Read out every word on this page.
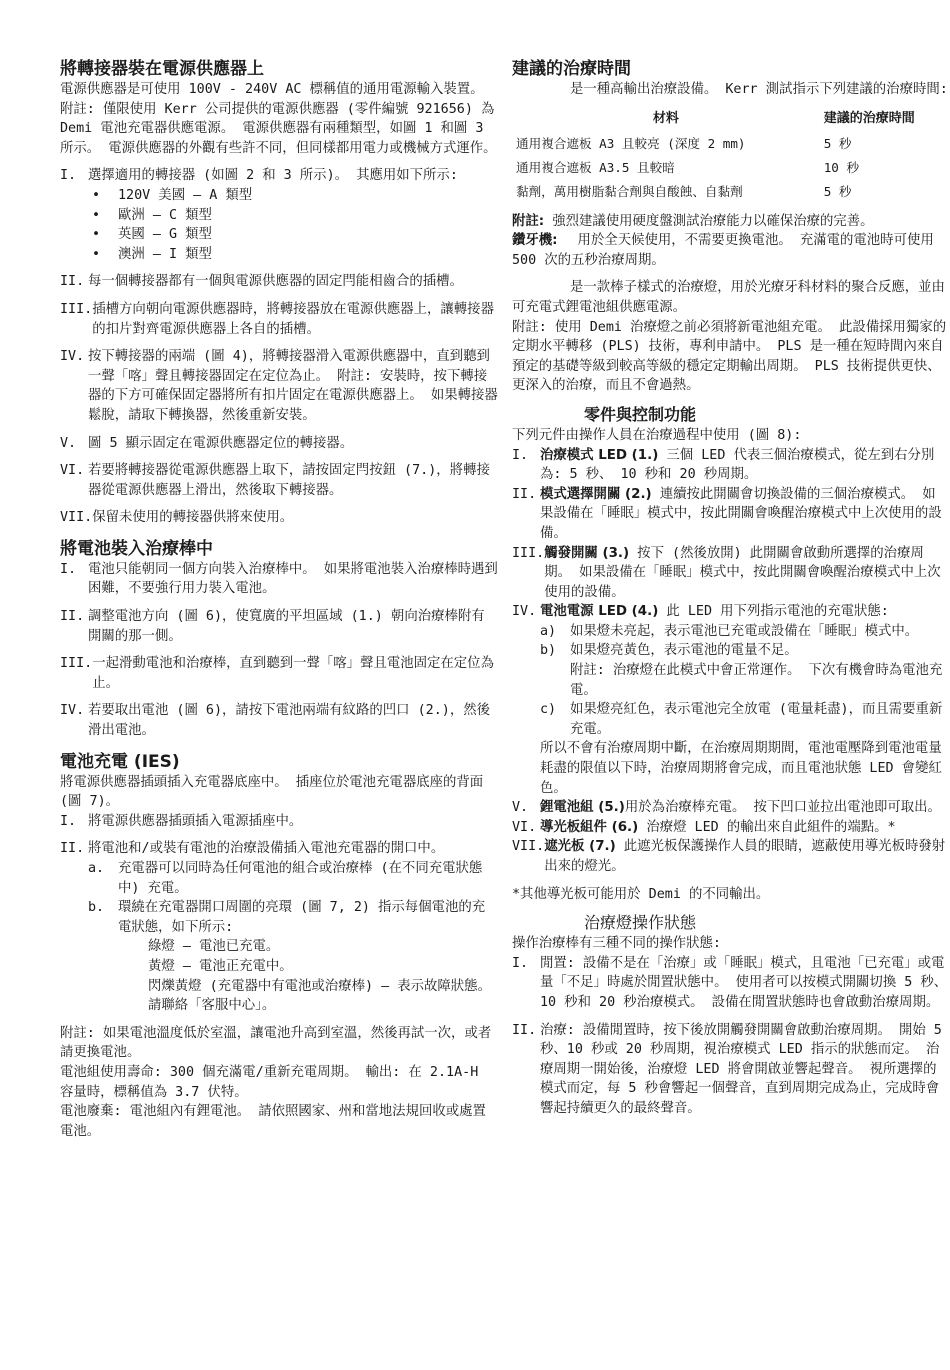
將轉接器裝在電源供應器上

電源供應器是可使用 100V - 240V AC 標稱值的通用電源輸入裝置。 附註: 僅限使用 Kerr 公司提供的電源供應器 (零件編號 921656) 為 Demi 電池充電器供應電源。 電源供應器有兩種類型，如圖 1 和圖 3 所示。 電源供應器的外觀有些許不同，但同樣都用電力或機械方式運作。

I. 選擇適用的轉接器 (如圖 2 和 3 所示)。 其應用如下所示:
•	120V 美國 — A 類型
•	歐洲 — C 類型
•	英國 — G 類型
•	澳洲 — I 類型
II. 每一個轉接器都有一個與電源供應器的固定閂能相齒合的插槽。
III. 插槽方向朝向電源供應器時，將轉接器放在電源供應器上，讓轉接器的扣片對齊電源供應器上各自的插槽。
IV. 按下轉接器的兩端 (圖 4)，將轉接器滑入電源供應器中，直到聽到一聲「喀」聲且轉接器固定在定位為止。 附註: 安裝時，按下轉接器的下方可確保固定器將所有扣片固定在電源供應器上。 如果轉接器鬆脫，請取下轉換器，然後重新安裝。
V. 圖 5 顯示固定在電源供應器定位的轉接器。
VI. 若要將轉接器從電源供應器上取下，請按固定閂按鈕 (7.)，將轉接器從電源供應器上滑出，然後取下轉接器。
VII. 保留未使用的轉接器供將來使用。

將電池裝入治療棒中

I. 電池只能朝同一個方向裝入治療棒中。 如果將電池裝入治療棒時遇到困難，不要強行用力裝入電池。
II. 調整電池方向 (圖 6)，使寬廣的平坦區域 (1.) 朝向治療棒附有開關的那一側。
III. 一起滑動電池和治療棒，直到聽到一聲「喀」聲且電池固定在定位為止。
IV. 若要取出電池 (圖 6)，請按下電池兩端有紋路的凹口 (2.)，然後滑出電池。

電池充電 (IES)

將電源供應器插頭插入充電器底座中。 插座位於電池充電器底座的背面 (圖 7)。

I. 將電源供應器插頭插入電源插座中。
II. 將電池和/或裝有電池的治療設備插入電池充電器的開口中。
a.	充電器可以同時為任何電池的組合或治療棒 (在不同充電狀態中) 充電。
b.	環繞在充電器開口周圍的亮環 (圖 7, 2) 指示每個電池的充電狀態，如下所示:
綠燈 — 電池已充電。
黃燈 — 電池正充電中。
閃爍黃燈 (充電器中有電池或治療棒) — 表示故障狀態。 請聯絡「客服中心」。

附註: 如果電池溫度低於室溫，讓電池升高到室溫，然後再試一次，或者請更換電池。

電池組使用壽命: 300 個充滿電/重新充電周期。 輸出: 在 2.1A-H 容量時，標稱值為 3.7 伏特。

電池廢棄: 電池組內有鋰電池。 請依照國家、州和當地法規回收或處置電池。

建議的治療時間

是一種高輸出治療設備。 Kerr 測試指示下列建議的治療時間:

材料	建議的治療時間
通用複合遮板 A3 且較亮 (深度 2 mm)	5 秒
通用複合遮板 A3.5 且較暗	10 秒
黏劑，萬用樹脂黏合劑與自酸蝕、自黏劑	5 秒

附註: 強烈建議使用硬度盤測試治療能力以確保治療的完善。

鑽牙機: 用於全天候使用，不需要更換電池。 充滿電的電池時可使用 500 次的五秒治療周期。

是一款棒子樣式的治療燈，用於光療牙科材料的聚合反應，並由可充電式鋰電池組供應電源。

附註: 使用 Demi 治療燈之前必須將新電池組充電。 此設備採用獨家的定期水平轉移 (PLS) 技術，專利申請中。 PLS 是一種在短時間內來自預定的基礎等級到較高等級的穩定定期輸出周期。 PLS 技術提供更快、更深入的治療，而且不會過熱。

零件與控制功能

下列元件由操作人員在治療過程中使用 (圖 8):

I. 治療模式 LED (1.) 三個 LED 代表三個治療模式，從左到右分別為: 5 秒、 10 秒和 20 秒周期。
II. 模式選擇開關 (2.) 連續按此開關會切換設備的三個治療模式。 如果設備在「睡眠」模式中，按此開關會喚醒治療模式中上次使用的設備。
III. 觸發開關 (3.) 按下 (然後放開) 此開關會啟動所選擇的治療周期。 如果設備在「睡眠」模式中，按此開關會喚醒治療模式中上次使用的設備。
IV. 電池電源 LED (4.) 此 LED 用下列指示電池的充電狀態:
a)	如果燈未亮起，表示電池已充電或設備在「睡眠」模式中。
b)	如果燈亮黃色，表示電池的電量不足。
附註: 治療燈在此模式中會正常運作。 下次有機會時為電池充電。
c)	如果燈亮紅色，表示電池完全放電 (電量耗盡)，而且需要重新充電。
所以不會有治療周期中斷，在治療周期期間，電池電壓降到電池電量耗盡的限值以下時，治療周期將會完成，而且電池狀態 LED 會變紅色。
V. 鋰電池組 (5.)用於為治療棒充電。 按下凹口並拉出電池即可取出。
VI. 導光板組件 (6.) 治療燈 LED 的輸出來自此組件的端點。*
VII. 遮光板 (7.) 此遮光板保護操作人員的眼睛，遮蔽使用導光板時發射出來的燈光。

*其他導光板可能用於 Demi 的不同輸出。

治療燈操作狀態

操作治療棒有三種不同的操作狀態:

I. 閒置: 設備不是在「治療」或「睡眠」模式，且電池「已充電」或電量「不足」時處於閒置狀態中。 使用者可以按模式開關切換 5 秒、10 秒和 20 秒治療模式。 設備在閒置狀態時也會啟動治療周期。
II. 治療: 設備閒置時，按下後放開觸發開關會啟動治療周期。 開始 5 秒、10 秒或 20 秒周期，視治療模式 LED 指示的狀態而定。 治療周期一開始後，治療燈 LED 將會開啟並響起聲音。 視所選擇的模式而定，每 5 秒會響起一個聲音，直到周期完成為止，完成時會響起持續更久的最終聲音。
